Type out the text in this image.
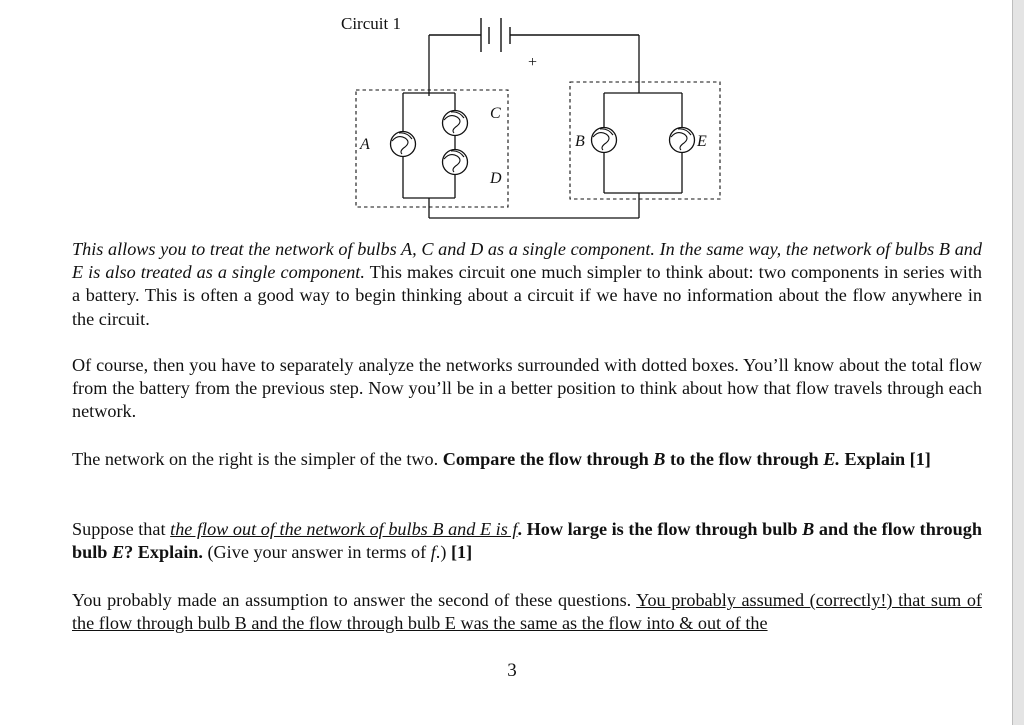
Circuit 1
+
A
C
D
B	E

This allows you to treat the network of bulbs A, C and D as a single component. In the same way, the network of bulbs B and E is also treated as a single component. This makes circuit one much simpler to think about: two components in series with a battery. This is often a good way to begin thinking about a circuit if we have no information about the flow anywhere in the circuit.

Of course, then you have to separately analyze the networks surrounded with dotted boxes. You’ll know about the total flow from the battery from the previous step. Now you’ll be in a better position to think about how that flow travels through each network.

The network on the right is the simpler of the two. Compare the flow through B to the flow through E. Explain [1]

Suppose that the flow out of the network of bulbs B and E is f. How large is the flow through bulb B and the flow through bulb E? Explain. (Give your answer in terms of f.) [1]

You probably made an assumption to answer the second of these questions. You probably assumed (correctly!) that sum of the flow through bulb B and the flow through bulb E was the same as the flow into & out of the

3
